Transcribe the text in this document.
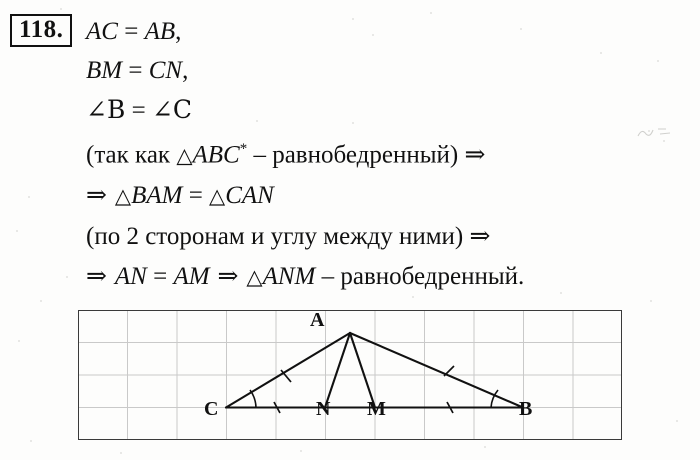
118. AC = AB,
BM = CN,
∠B = ∠C
(так как △ABC* – равнобедренный) ⇒
⇒ △BAM = △CAN
(по 2 сторонам и углу между ними) ⇒
⇒ AN = AM ⇒ △ANM – равнобедренный.
A
C	N M	B
